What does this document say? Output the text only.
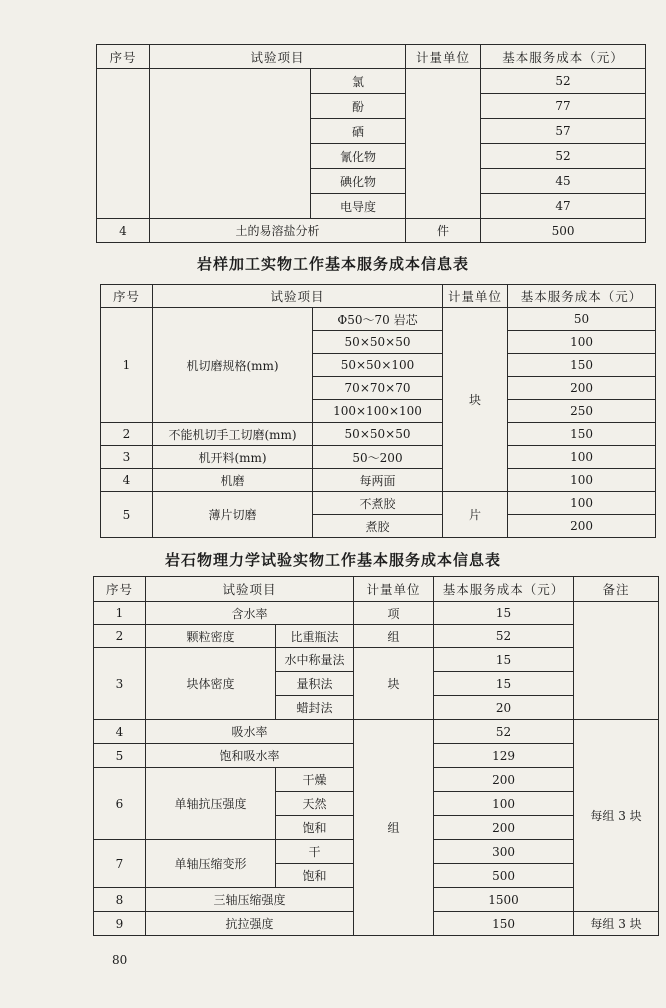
序号	试验项目		计量单位	基本服务成本（元）
		氯		52
		酚		77
		硒		57
		氰化物		52
		碘化物		45
		电导度		47
4	土的易溶盐分析		件	500
岩样加工实物工作基本服务成本信息表
序号	试验项目		计量单位	基本服务成本（元）
1	机切磨规格(mm)	Φ50～70 岩芯	块	50
		50×50×50		100
		50×50×100		150
		70×70×70		200
		100×100×100		250
2	不能机切手工切磨(mm)	50×50×50		150
3	机开料(mm)	50～200		100
4	机磨	每两面		100
5	薄片切磨	不煮胶	片	100
		煮胶		200
岩石物理力学试验实物工作基本服务成本信息表
序号	试验项目		计量单位	基本服务成本（元）	备注	
1	含水率		项	15		
2	颗粒密度	比重瓶法	组	52		
3	块体密度	水中称量法	块	15		
		量积法		15		
		蜡封法		20		
4	吸水率		组	52	每组 3 块	
5	饱和吸水率			129		
6	单轴抗压强度	干燥		200		
		天然		100		
		饱和		200		
7	单轴压缩变形	干		300		
		饱和		500		
8	三轴压缩强度			1500	
9	抗拉强度			150	每组 3 块	
80
